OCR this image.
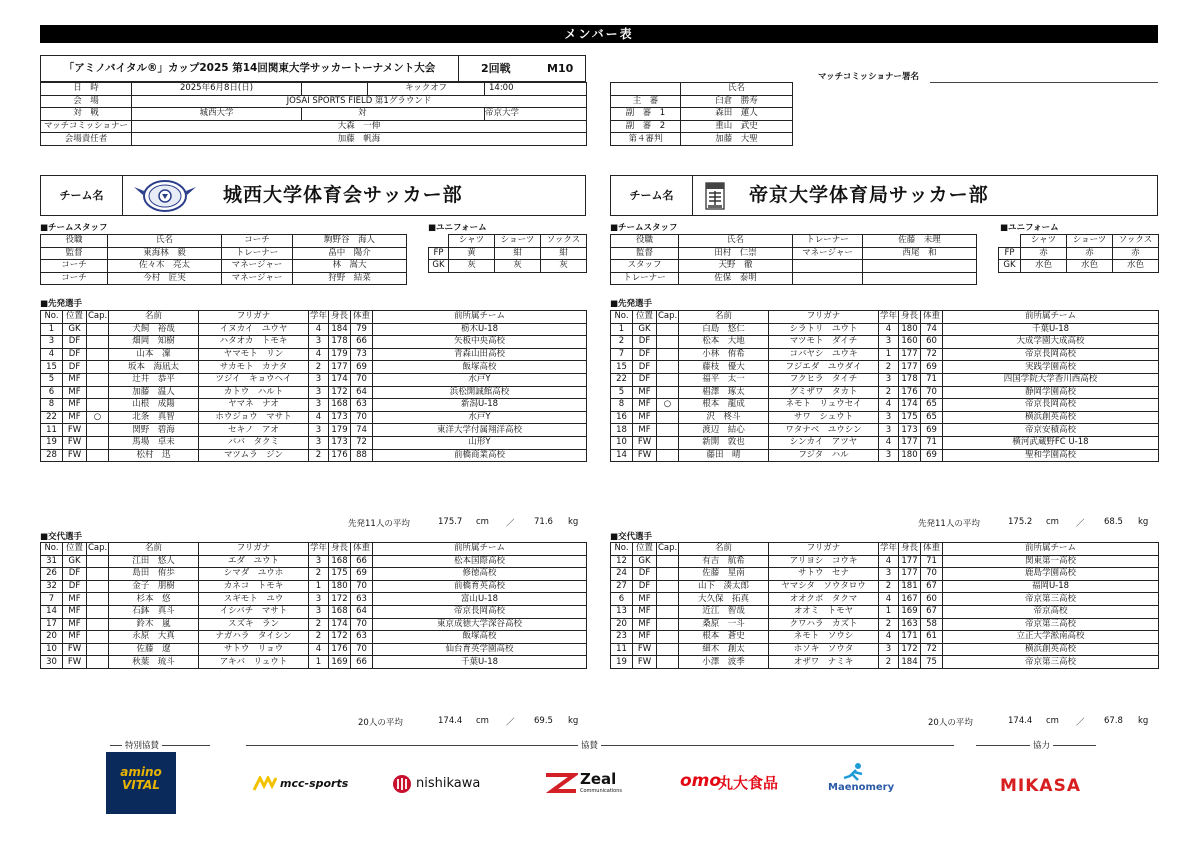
メンバー表
「アミノバイタル®」カップ2025 第14回関東大学サッカートーナメント大会	2回戦	M10
日　時	2025年6月8日(日)		キックオフ	14:00
会　場	JOSAI SPORTS FIELD 第1グラウンド			
対　戦	城西大学	対		帝京大学
マッチコミッショナー	大森　一伸			
会場責任者	加藤　帆海			
マッチコミッショナー署名
	氏名
主　審	臼倉　勝寿
副　審　1	森田　蓮人
副　審　2	重山　武史
第４審判	加藤　大聖
チーム名	城西大学体育会サッカー部	チーム名	帝京大学体育局サッカー部
■チームスタッフ
役職	氏名	コーチ	駒野谷　海人
監督	東海林　毅	トレーナー	畠中　陽介
コーチ	佐々木　亮太	マネージャー	林　嵩大
コーチ	今村　匠実	マネージャー	狩野　結菜
■ユニフォーム
	シャツ	ショーツ	ソックス
FP	黄	紺	紺
GK	灰	灰	灰
■チームスタッフ
役職	氏名	トレーナー	佐藤　未理
監督	田村　仁崇	マネージャー	西尾　和
スタッフ	天野　徹		
トレーナー	佐保　泰明		
■ユニフォーム
	シャツ	ショーツ	ソックス
FP	赤	赤	赤
GK	水色	水色	水色
■先発選手	■先発選手
■交代選手	■交代選手
No.	位置	Cap.	名前	フリガナ	学年	身長	体重	前所属チーム
1	GK		犬飼　裕哉	イヌカイ　ユウヤ	4	184	79	栃木U-18
3	DF		畑岡　知樹	ハタオカ　トモキ	3	178	66	矢板中央高校
4	DF		山本　凜	ヤマモト　リン	4	179	73	青森山田高校
15	DF		坂本　海凪太	サカモト　カナタ	2	177	69	飯塚高校
5	MF		辻井　恭平	ツジイ　キョウヘイ	3	174	70	水戸Y
6	MF		加藤　温人	カトウ　ハルト	3	172	64	浜松開誠館高校
8	MF		山根　成陽	ヤマネ　ナオ	3	168	63	新潟U-18
22	MF	○	北条　真智	ホウジョウ　マサト	4	173	70	水戸Y
11	FW		関野　碧海	セキノ　アオ	3	179	74	東洋大学付属翔洋高校
19	FW		馬場　卓未	ババ　タクミ	3	173	72	山形Y
28	FW		松村　迅	マツムラ　ジン	2	176	88	前橋商業高校
No.	位置	Cap.	名前	フリガナ	学年	身長	体重	前所属チーム
1	GK		白島　悠仁	シラトリ　ユウト	4	180	74	千葉U-18
2	DF		松本　大地	マツモト　ダイチ	3	160	60	大成学園大成高校
7	DF		小林　侑希	コバヤシ　ユウキ	1	177	72	帝京長岡高校
15	DF		藤枝　優大	フジエダ　ユウダイ	2	177	69	実践学園高校
22	DF		福平　太一	フクヒラ　タイチ	3	178	71	四国学院大学香川西高校
5	MF		椙澤　琢太	グミザワ　タカト	2	176	70	静岡学園高校
8	MF	○	根本　龍成	ネモト　リュウセイ	4	174	65	帝京長岡高校
16	MF		沢　柊斗	サワ　シュウト	3	175	65	横浜創英高校
18	MF		渡辺　結心	ワタナベ　ユウシン	3	173	69	帝京安積高校
10	FW		新開　敦也	シンカイ　アツヤ	4	177	71	横河武蔵野FC U-18
14	FW		藤田　晴	フジタ　ハル	3	180	69	聖和学園高校
No.	位置	Cap.	名前	フリガナ	学年	身長	体重	前所属チーム
31	GK		江田　悠人	エダ　ユウト	3	168	66	松本国際高校
26	DF		島田　侑歩	シマダ　ユウホ	2	175	69	修徳高校
32	DF		金子　朋樹	カネコ　トモキ	1	180	70	前橋育英高校
7	MF		杉本　悠	スギモト　ユウ	3	172	63	富山U-18
14	MF		石鉢　真斗	イシバチ　マサト	3	168	64	帝京長岡高校
17	MF		鈴木　嵐	スズキ　ラン	2	174	70	東京成徳大学深谷高校
20	MF		永原　大真	ナガハラ　タイシン	2	172	63	飯塚高校
10	FW		佐藤　遼	サトウ　リョウ	4	176	70	仙台育英学園高校
30	FW		秋葉　琉斗	アキバ　リュウト	1	169	66	千葉U-18
No.	位置	Cap.	名前	フリガナ	学年	身長	体重	前所属チーム
12	GK		有吉　航希	アリヨシ　コウキ	4	177	71	関東第一高校
24	DF		佐藤　星南	サトウ　セナ	3	177	70	鹿島学園高校
27	DF		山下　湊太郎	ヤマシタ　ソウタロウ	2	181	67	福岡U-18
6	MF		大久保　拓真	オオクボ　タクマ	4	167	60	帝京第三高校
13	MF		近江　智哉	オオミ　トモヤ	1	169	67	帝京高校
20	MF		桑原　一斗	クワハラ　カズト	2	163	58	帝京第三高校
23	MF		根本　蒼史	ネモト　ソウシ	4	171	61	立正大学淞南高校
11	FW		細木　創太	ホソキ　ソウタ	3	172	72	横浜創英高校
19	FW		小澤　波季	オザワ　ナミキ	2	184	75	帝京第三高校
先発11人の平均	175.7 cm ／ 71.6 kg	先発11人の平均	175.2 cm ／ 68.5 kg
20人の平均	174.4 cm ／ 69.5 kg	20人の平均	174.4 cm ／ 67.8 kg
特別協賛	協賛	協力
amino VITAL	mcc-sports	nishikawa	Zeal
Communications	omo
丸大食品	Maenomery	MIKASA
